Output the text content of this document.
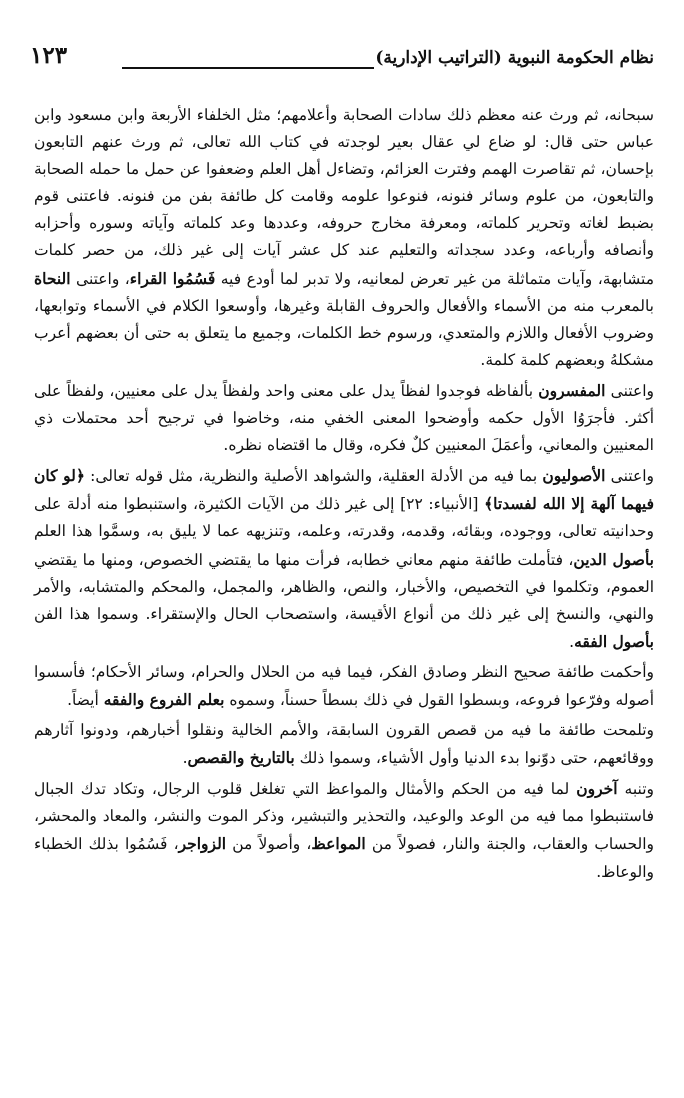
نظام الحكومة النبوية (التراتيب الإدارية)
١٢٣

سبحانه، ثم ورث عنه معظم ذلك سادات الصحابة وأعلامهم؛ مثل الخلفاء الأربعة وابن مسعود وابن عباس حتى قال: لو ضاع لي عقال بعير لوجدته في كتاب الله تعالى، ثم ورث عنهم التابعون بإحسان، ثم تقاصرت الهمم وفترت العزائم، وتضاءل أهل العلم وضعفوا عن حمل ما حمله الصحابة والتابعون، من علوم وسائر فنونه، فنوعوا علومه وقامت كل طائفة بفن من فنونه. فاعتنى قوم بضبط لغاته وتحرير كلماته، ومعرفة مخارج حروفه، وعددها وعد كلماته وآياته وسوره وأحزابه وأنصافه وأرباعه، وعدد سجداته والتعليم عند كل عشر آيات إلى غير ذلك، من حصر كلمات متشابهة، وآيات متماثلة من غير تعرض لمعانيه، ولا تدبر لما أودع فيه فَسُمُوا القراء، واعتنى النحاة بالمعرب منه من الأسماء والأفعال والحروف القابلة وغيرها، وأوسعوا الكلام في الأسماء وتوابعها، وضروب الأفعال واللازم والمتعدي، ورسوم خط الكلمات، وجميع ما يتعلق به حتى أن بعضهم أعرب مشكلهُ وبعضهم كلمة كلمة.

واعتنى المفسرون بألفاظه فوجدوا لفظاً يدل على معنى واحد ولفظاً يدل على معنيين، ولفظاً على أكثر. فأجرَوُا الأول حكمه وأوضحوا المعنى الخفي منه، وخاضوا في ترجيح أحد محتملات ذي المعنيين والمعاني، وأعمَلَ المعنيين كلٌ فكره، وقال ما اقتضاه نظره.

واعتنى الأصوليون بما فيه من الأدلة العقلية، والشواهد الأصلية والنظرية، مثل قوله تعالى: ﴿لو كان فيهما آلهة إلا الله لفسدتا﴾ [الأنبياء: ٢٢] إلى غير ذلك من الآيات الكثيرة، واستنبطوا منه أدلة على وحدانيته تعالى، ووجوده، وبقائه، وقدمه، وقدرته، وعلمه، وتنزيهه عما لا يليق به، وسمَّوا هذا العلم بأصول الدين، فتأملت طائفة منهم معاني خطابه، فرأت منها ما يقتضي الخصوص، ومنها ما يقتضي العموم، وتكلموا في التخصيص، والأخبار، والنص، والظاهر، والمجمل، والمحكم والمتشابه، والأمر والنهي، والنسخ إلى غير ذلك من أنواع الأقيسة، واستصحاب الحال والإستقراء. وسموا هذا الفن بأصول الفقه.

وأحكمت طائفة صحيح النظر وصادق الفكر، فيما فيه من الحلال والحرام، وسائر الأحكام؛ فأسسوا أصوله وفرّعوا فروعه، وبسطوا القول في ذلك بسطاً حسناً، وسموه بعلم الفروع والفقه أيضاً.

وتلمحت طائفة ما فيه من قصص القرون السابقة، والأمم الخالية ونقلوا أخبارهم، ودونوا آثارهم ووقائعهم، حتى دوّنوا بدء الدنيا وأول الأشياء، وسموا ذلك بالتاريخ والقصص.

وتنبه آخرون لما فيه من الحكم والأمثال والمواعظ التي تغلغل قلوب الرجال، وتكاد تدك الجبال فاستنبطوا مما فيه من الوعد والوعيد، والتحذير والتبشير، وذكر الموت والنشر، والمعاد والمحشر، والحساب والعقاب، والجنة والنار، فصولاً من المواعظ، وأصولاً من الزواجر، فَسُمُوا بذلك الخطباء والوعاظ.
